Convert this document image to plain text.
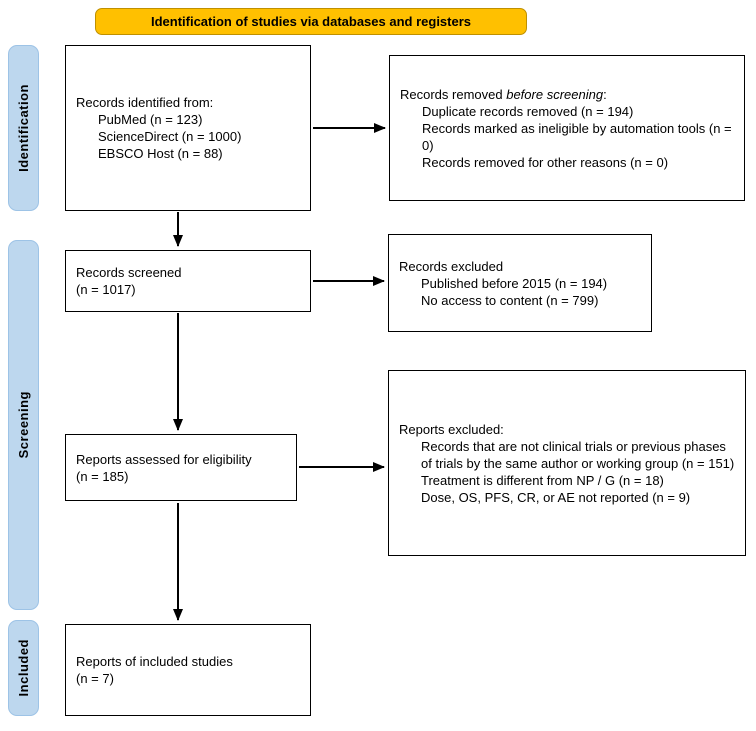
Identification of studies via databases and registers
Identification
Screening
Included
Records identified from:
PubMed (n = 123)
ScienceDirect (n = 1000)
EBSCO Host (n = 88)
Records removed before screening:
Duplicate records removed (n = 194)
Records marked as ineligible by automation tools (n = 0)
Records removed for other reasons (n = 0)
Records screened
(n = 1017)
Records excluded
Published before 2015 (n = 194)
No access to content (n = 799)
Reports assessed for eligibility
(n = 185)
Reports excluded:
Records that are not clinical trials or previous phases of trials by the same author or working group (n = 151)
Treatment is different from NP / G (n = 18)
Dose, OS, PFS, CR, or AE not reported (n = 9)
Reports of included studies
(n = 7)
